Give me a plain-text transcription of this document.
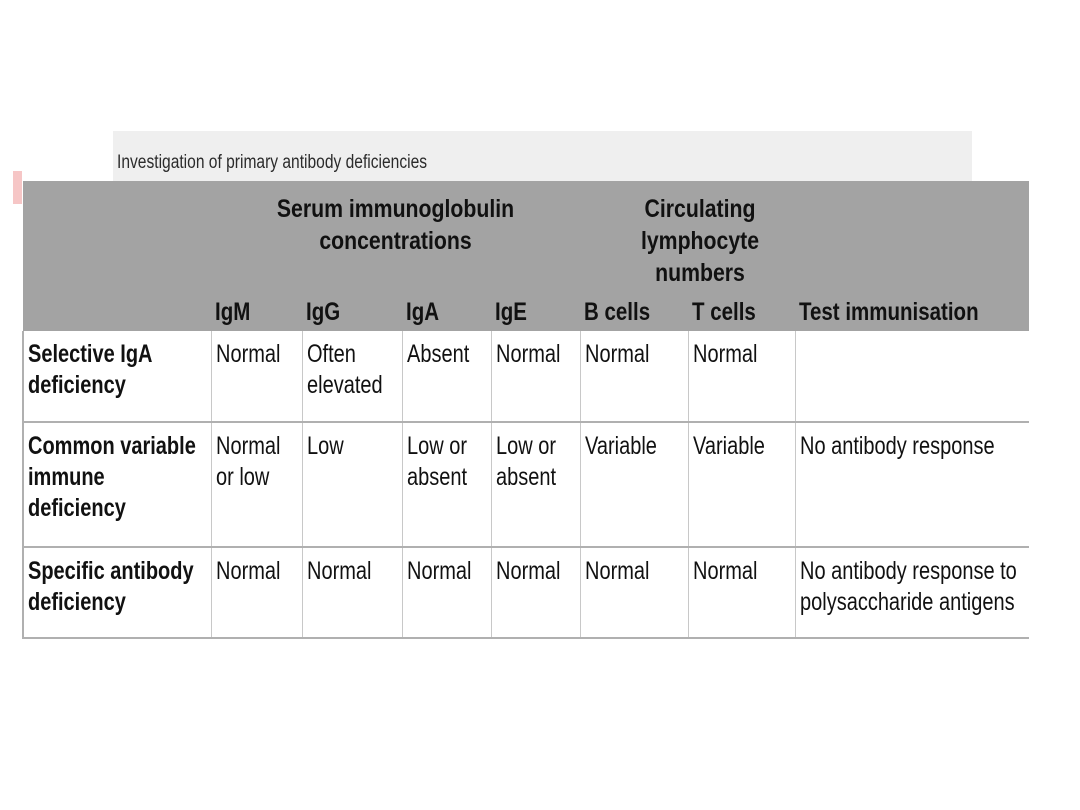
Investigation of primary antibody deficiencies
	Serum immunoglobulin concentrations				Circulating lymphocyte numbers		
	IgM	IgG	IgA	IgE	B cells	T cells	Test immunisation
Selective IgA deficiency	Normal	Often elevated	Absent	Normal	Normal	Normal	
Common variable immune deficiency	Normal or low	Low	Low or absent	Low or absent	Variable	Variable	No antibody response
Specific antibody deficiency	Normal	Normal	Normal	Normal	Normal	Normal	No antibody response to polysaccharide antigens
